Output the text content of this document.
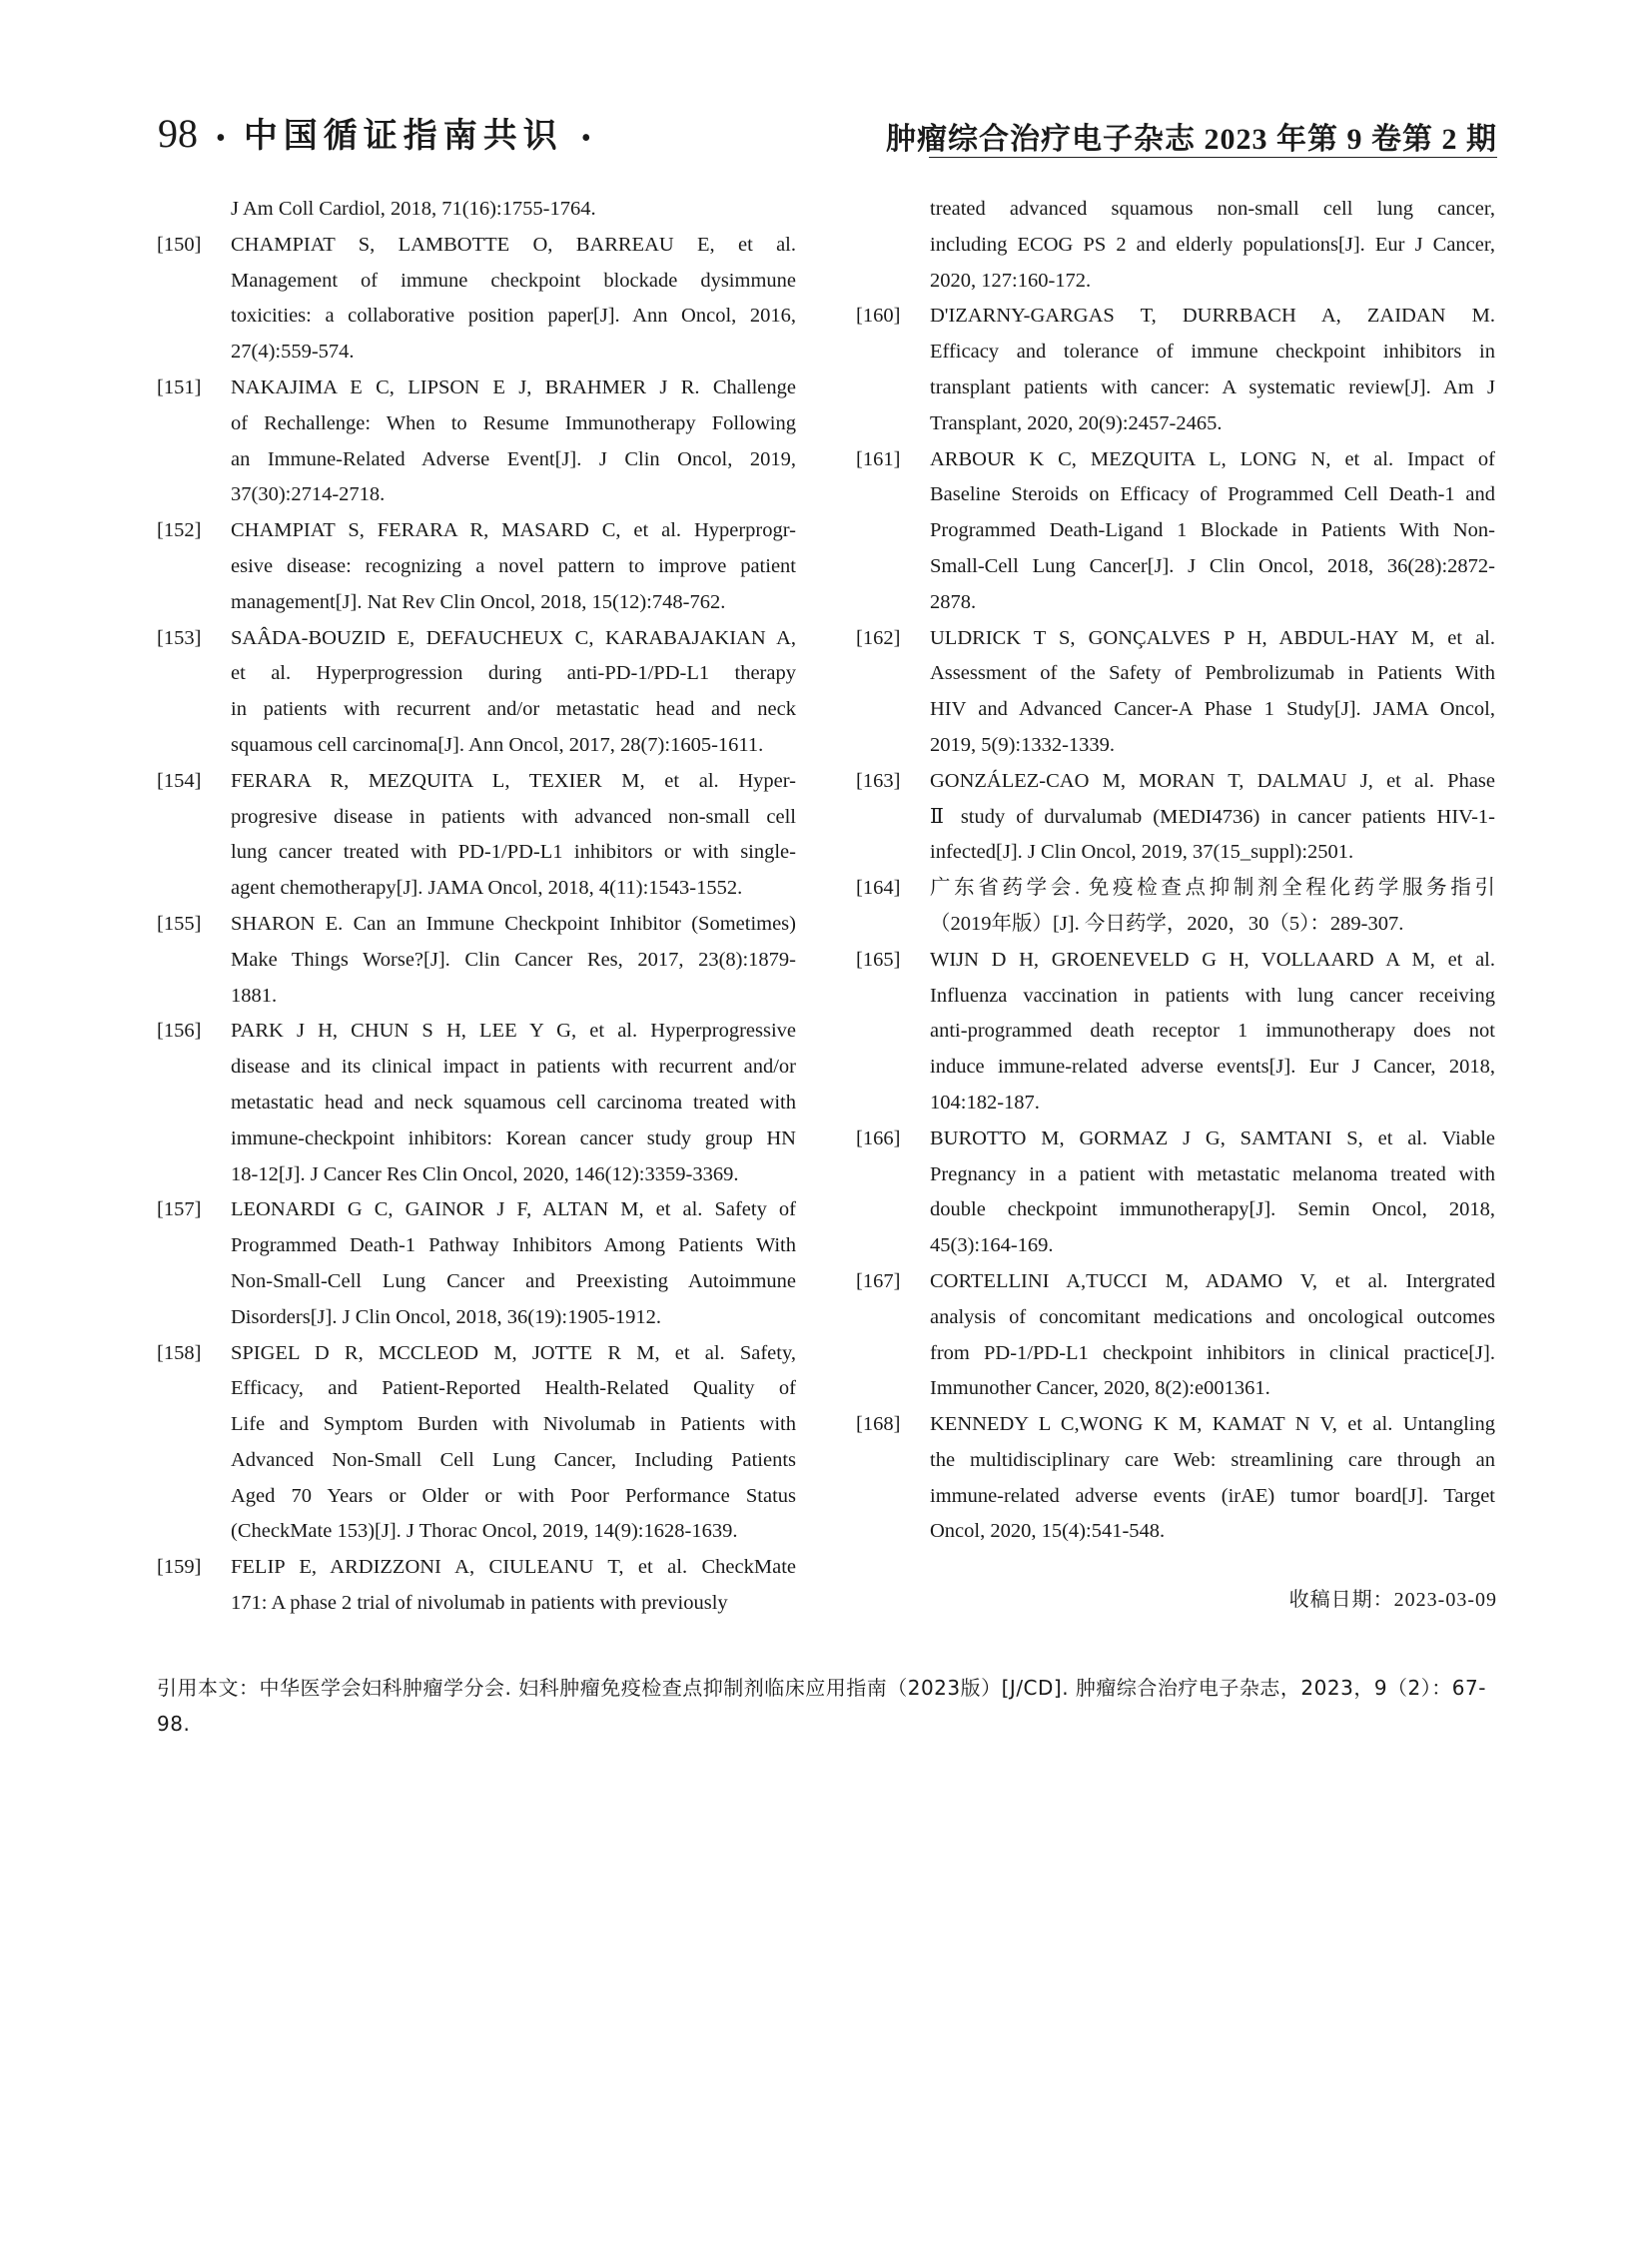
98 • 中国循证指南共识 •	肿瘤综合治疗电子杂志 2023 年第 9 卷第 2 期
J Am Coll Cardiol, 2018, 71(16):1755-1764.
[150]	CHAMPIAT S, LAMBOTTE O, BARREAU E, et al.
Management of immune checkpoint blockade dysimmune
toxicities: a collaborative position paper[J]. Ann Oncol, 2016,
27(4):559-574.
[151]	NAKAJIMA E C, LIPSON E J, BRAHMER J R. Challenge
of Rechallenge: When to Resume Immunotherapy Following
an Immune-Related Adverse Event[J]. J Clin Oncol, 2019,
37(30):2714-2718.
[152]	CHAMPIAT S, FERARA R, MASARD C, et al. Hyperprogr-
esive disease: recognizing a novel pattern to improve patient
management[J]. Nat Rev Clin Oncol, 2018, 15(12):748-762.
[153]	SAÂDA-BOUZID E, DEFAUCHEUX C, KARABAJAKIAN A,
et al. Hyperprogression during anti-PD-1/PD-L1 therapy
in patients with recurrent and/or metastatic head and neck
squamous cell carcinoma[J]. Ann Oncol, 2017, 28(7):1605-1611.
[154]	FERARA R, MEZQUITA L, TEXIER M, et al. Hyper-
progresive disease in patients with advanced non-small cell
lung cancer treated with PD-1/PD-L1 inhibitors or with single-
agent chemotherapy[J]. JAMA Oncol, 2018, 4(11):1543-1552.
[155]	SHARON E. Can an Immune Checkpoint Inhibitor (Sometimes)
Make Things Worse?[J]. Clin Cancer Res, 2017, 23(8):1879-
1881.
[156]	PARK J H, CHUN S H, LEE Y G, et al. Hyperprogressive
disease and its clinical impact in patients with recurrent and/or
metastatic head and neck squamous cell carcinoma treated with
immune-checkpoint inhibitors: Korean cancer study group HN
18-12[J]. J Cancer Res Clin Oncol, 2020, 146(12):3359-3369.
[157]	LEONARDI G C, GAINOR J F, ALTAN M, et al. Safety of
Programmed Death-1 Pathway Inhibitors Among Patients With
Non-Small-Cell Lung Cancer and Preexisting Autoimmune
Disorders[J]. J Clin Oncol, 2018, 36(19):1905-1912.
[158]	SPIGEL D R, MCCLEOD M, JOTTE R M, et al. Safety,
Efficacy, and Patient-Reported Health-Related Quality of
Life and Symptom Burden with Nivolumab in Patients with
Advanced Non-Small Cell Lung Cancer, Including Patients
Aged 70 Years or Older or with Poor Performance Status
(CheckMate 153)[J]. J Thorac Oncol, 2019, 14(9):1628-1639.
[159]	FELIP E, ARDIZZONI A, CIULEANU T, et al. CheckMate
171: A phase 2 trial of nivolumab in patients with previously
treated advanced squamous non-small cell lung cancer,
including ECOG PS 2 and elderly populations[J]. Eur J Cancer,
2020, 127:160-172.
[160]	D'IZARNY-GARGAS T, DURRBACH A, ZAIDAN M.
Efficacy and tolerance of immune checkpoint inhibitors in
transplant patients with cancer: A systematic review[J]. Am J
Transplant, 2020, 20(9):2457-2465.
[161]	ARBOUR K C, MEZQUITA L, LONG N, et al. Impact of
Baseline Steroids on Efficacy of Programmed Cell Death-1 and
Programmed Death-Ligand 1 Blockade in Patients With Non-
Small-Cell Lung Cancer[J]. J Clin Oncol, 2018, 36(28):2872-
2878.
[162]	ULDRICK T S, GONÇALVES P H, ABDUL-HAY M, et al.
Assessment of the Safety of Pembrolizumab in Patients With
HIV and Advanced Cancer-A Phase 1 Study[J]. JAMA Oncol,
2019, 5(9):1332-1339.
[163]	GONZÁLEZ-CAO M, MORAN T, DALMAU J, et al. Phase
Ⅱ study of durvalumab (MEDI4736) in cancer patients HIV-1-
infected[J]. J Clin Oncol, 2019, 37(15_suppl):2501.
[164]	广东省药学会. 免疫检查点抑制剂全程化药学服务指引
（2019年版）[J]. 今日药学，2020，30（5）：289-307.
[165]	WIJN D H, GROENEVELD G H, VOLLAARD A M, et al.
Influenza vaccination in patients with lung cancer receiving
anti-programmed death receptor 1 immunotherapy does not
induce immune-related adverse events[J]. Eur J Cancer, 2018,
104:182-187.
[166]	BUROTTO M, GORMAZ J G, SAMTANI S, et al. Viable
Pregnancy in a patient with metastatic melanoma treated with
double checkpoint immunotherapy[J]. Semin Oncol, 2018,
45(3):164-169.
[167]	CORTELLINI A,TUCCI M, ADAMO V, et al. Intergrated
analysis of concomitant medications and oncological outcomes
from PD-1/PD-L1 checkpoint inhibitors in clinical practice[J].
Immunother Cancer, 2020, 8(2):e001361.
[168]	KENNEDY L C,WONG K M, KAMAT N V, et al. Untangling
the multidisciplinary care Web: streamlining care through an
immune-related adverse events (irAE) tumor board[J]. Target
Oncol, 2020, 15(4):541-548.
收稿日期：2023-03-09
引用本文：中华医学会妇科肿瘤学分会. 妇科肿瘤免疫检查点抑制剂临床应用指南（2023版）[J/CD]. 肿瘤综合治疗电子杂志，2023，9（2）：67-98.
